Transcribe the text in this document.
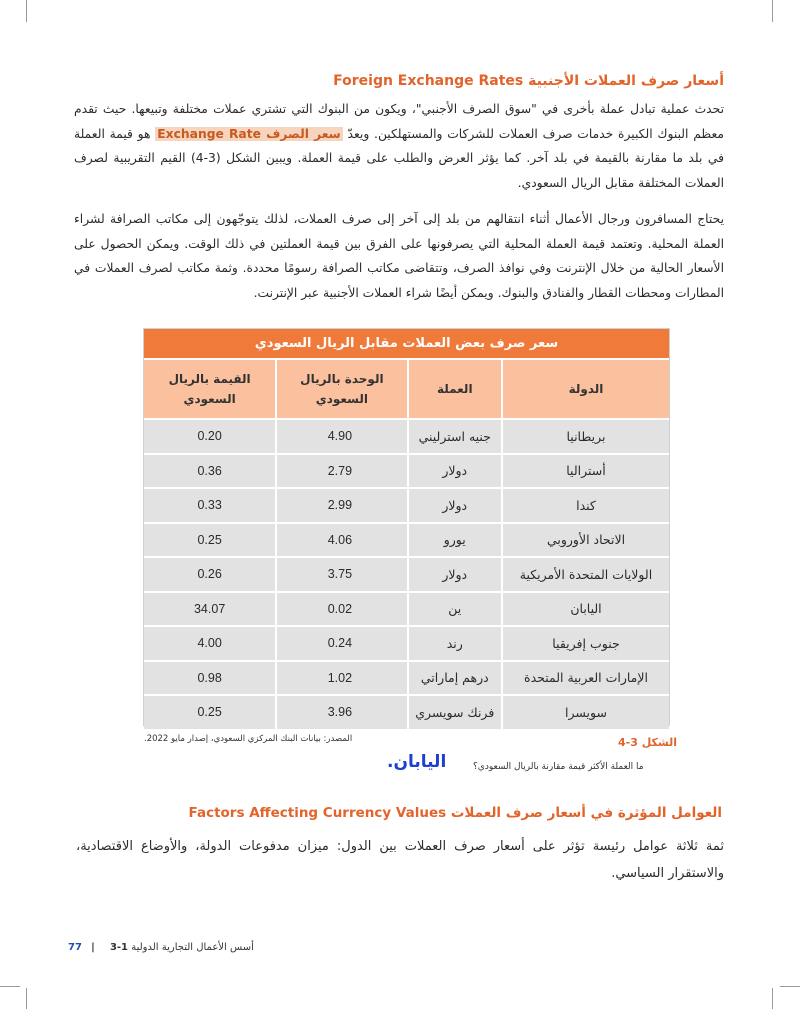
أسعار صرف العملات الأجنبية Foreign Exchange Rates
تحدث عملية تبادل عملة بأخرى في "سوق الصرف الأجنبي"، ويكون من البنوك التي تشتري عملات مختلفة وتبيعها. حيث تقدم معظم البنوك الكبيرة خدمات صرف العملات للشركات والمستهلكين. ويعدّ سعر الصرف Exchange Rate هو قيمة العملة في بلد ما مقارنة بالقيمة في بلد آخر. كما يؤثر العرض والطلب على قيمة العملة. ويبين الشكل (3-4) القيم التقريبية لصرف العملات المختلفة مقابل الريال السعودي.
يحتاج المسافرون ورجال الأعمال أثناء انتقالهم من بلد إلى آخر إلى صرف العملات، لذلك يتوجّهون إلى مكاتب الصرافة لشراء العملة المحلية. وتعتمد قيمة العملة المحلية التي يصرفونها على الفرق بين قيمة العملتين في ذلك الوقت. ويمكن الحصول على الأسعار الحالية من خلال الإنترنت وفي نوافذ الصرف، وتتقاضى مكاتب الصرافة رسومًا محددة. وثمة مكاتب لصرف العملات في المطارات ومحطات القطار والفنادق والبنوك. ويمكن أيضًا شراء العملات الأجنبية عبر الإنترنت.
سعر صرف بعض العملات مقابل الريال السعودي			
الدولة	العملة	الوحدة بالريال السعودي	القيمة بالريال السعودي
بريطانيا	جنيه استرليني	4.90	0.20
أستراليا	دولار	2.79	0.36
كندا	دولار	2.99	0.33
الاتحاد الأوروبي	يورو	4.06	0.25
الولايات المتحدة الأمريكية	دولار	3.75	0.26
اليابان	ين	0.02	34.07
جنوب إفريقيا	رند	0.24	4.00
الإمارات العربية المتحدة	درهم إماراتي	1.02	0.98
سويسرا	فرنك سويسري	3.96	0.25
الشكل 3-4
المصدر: بيانات البنك المركزي السعودي، إصدار مايو 2022.
ما العملة الأكثر قيمة مقارنة بالريال السعودي؟
اليابان.
العوامل المؤثرة في أسعار صرف العملات Factors Affecting Currency Values
ثمة ثلاثة عوامل رئيسة تؤثر على أسعار صرف العملات بين الدول: ميزان مدفوعات الدولة، والأوضاع الاقتصادية، والاستقرار السياسي.
77 |	أسس الأعمال التجارية الدولية 3-1
